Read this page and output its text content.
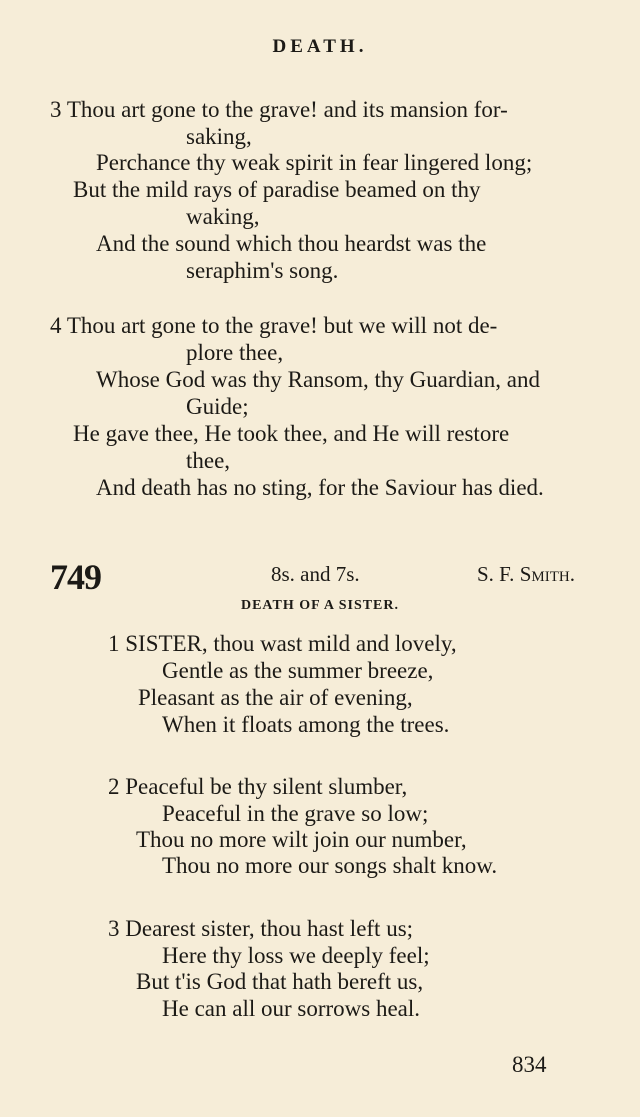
DEATH.
3 Thou art gone to the grave! and its mansion for-
saking,
Perchance thy weak spirit in fear lingered long;
But the mild rays of paradise beamed on thy
waking,
And the sound which thou heardst was the
seraphim's song.
4 Thou art gone to the grave! but we will not de-
plore thee,
Whose God was thy Ransom, thy Guardian, and
Guide;
He gave thee, He took thee, and He will restore
thee,
And death has no sting, for the Saviour has died.
749	8s. and 7s.	S. F. Smith.
DEATH OF A SISTER.
1 SISTER, thou wast mild and lovely,
Gentle as the summer breeze,
Pleasant as the air of evening,
When it floats among the trees.
2 Peaceful be thy silent slumber,
Peaceful in the grave so low;
Thou no more wilt join our number,
Thou no more our songs shalt know.
3 Dearest sister, thou hast left us;
Here thy loss we deeply feel;
But t'is God that hath bereft us,
He can all our sorrows heal.
834
